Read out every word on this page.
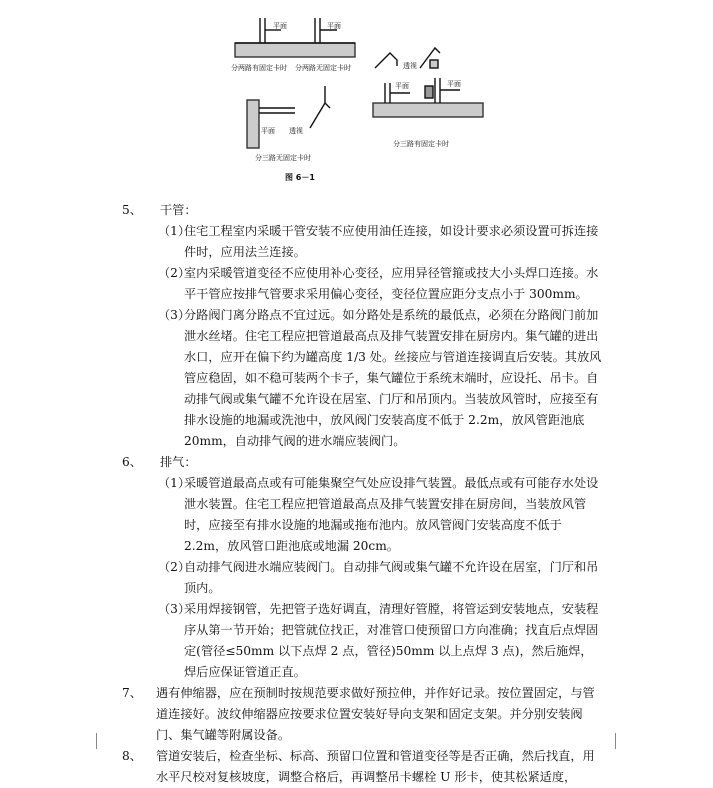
平面	平面
分两路有固定卡时 分两路无固定卡时	透视
平面	平面
分三路有固定卡时
平面 透视
分三路无固定卡时
图 6－1
5、	干管：
（1）
住宅工程室内采暖干管安装不应使用油任连接，如设计要求必须设置可拆连接件时，应用法兰连接。
（2）
室内采暖管道变径不应使用补心变径，应用异径管箍或技大小头焊口连接。水平干管应按排气管要求采用偏心变径，变径位置应距分支点小于 300mm。
（3）
分路阀门离分路点不宜过远。如分路处是系统的最低点，必须在分路阀门前加泄水丝堵。住宅工程应把管道最高点及排气装置安排在厨房内。集气罐的进出水口，应开在偏下约为罐高度 1/3 处。丝接应与管道连接调直后安装。其放风管应稳固，如不稳可装两个卡子，集气罐位于系统末端时，应设托、吊卡。自动排气阀或集气罐不允许设在居室、门厅和吊顶内。当装放风管时，应接至有排水设施的地漏或洗池中，放风阀门安装高度不低于 2.2m，放风管距池底 20mm，自动排气阀的进水端应装阀门。
6、	排气：
（1）
采暖管道最高点或有可能集聚空气处应设排气装置。最低点或有可能存水处设泄水装置。住宅工程应把管道最高点及排气装置安排在厨房间，当装放风管时，应接至有排水设施的地漏或拖布池内。放风管阀门安装高度不低于 2.2m，放风管口距池底或地漏 20cm。
（2）
自动排气阀进水端应装阀门。自动排气阀或集气罐不允许设在居室，门厅和吊顶内。
（3）
采用焊接钢管，先把管子选好调直，清理好管膛，将管运到安装地点，安装程序从第一节开始；把管就位找正，对准管口使预留口方向准确；找直后点焊固定(管径≤50mm 以下点焊 2 点，管径)50mm 以上点焊 3 点)，然后施焊，焊后应保证管道正直。
7、	遇有伸缩器，应在预制时按规范要求做好预拉伸，并作好记录。按位置固定，与管道连接好。波纹伸缩器应按要求位置安装好导向支架和固定支架。并分别安装阀门、集气罐等附属设备。
8、	管道安装后，检查坐标、标高、预留口位置和管道变径等是否正确，然后找直，用水平尺校对复核坡度，调整合格后，再调整吊卡螺栓 U 形卡，使其松紧适度，
